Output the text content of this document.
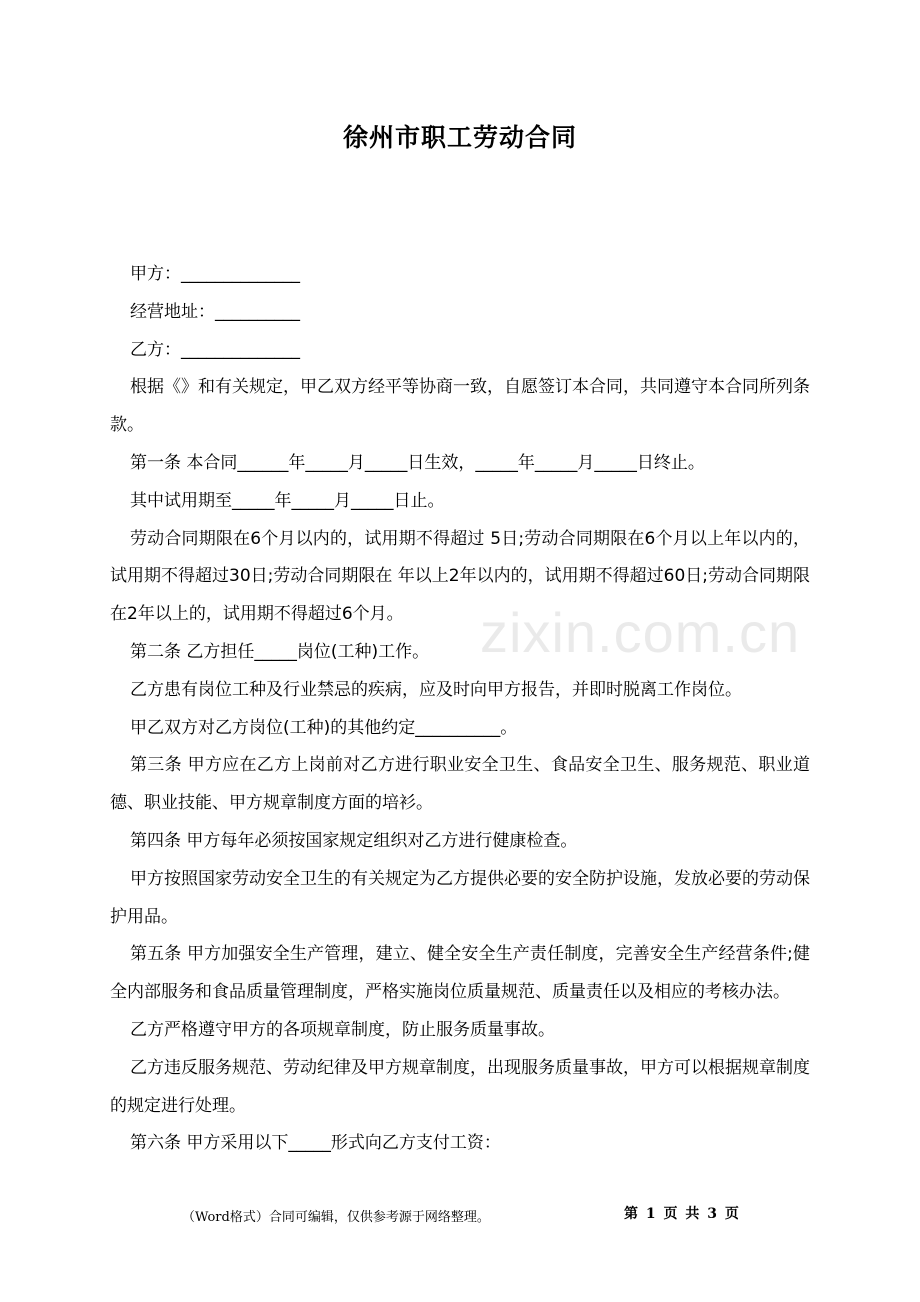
徐州市职工劳动合同
zixin.com.cn

甲方：______________

经营地址：__________

乙方：______________

根据《》和有关规定，甲乙双方经平等协商一致，自愿签订本合同，共同遵守本合同所列条款。

第一条 本合同______年_____月_____日生效，_____年_____月_____日终止。

其中试用期至_____年_____月_____日止。

劳动合同期限在6个月以内的，试用期不得超过 5日;劳动合同期限在6个月以上年以内的，试用期不得超过30日;劳动合同期限在 年以上2年以内的，试用期不得超过60日;劳动合同期限在2年以上的，试用期不得超过6个月。

第二条 乙方担任_____岗位(工种)工作。

乙方患有岗位工种及行业禁忌的疾病，应及时向甲方报告，并即时脱离工作岗位。

甲乙双方对乙方岗位(工种)的其他约定__________。

第三条 甲方应在乙方上岗前对乙方进行职业安全卫生、食品安全卫生、服务规范、职业道德、职业技能、甲方规章制度方面的培衫。

第四条 甲方每年必须按国家规定组织对乙方进行健康检查。

甲方按照国家劳动安全卫生的有关规定为乙方提供必要的安全防护设施，发放必要的劳动保护用品。

第五条 甲方加强安全生产管理，建立、健全安全生产责任制度，完善安全生产经营条件;健全内部服务和食品质量管理制度，严格实施岗位质量规范、质量责任以及相应的考核办法。

乙方严格遵守甲方的各项规章制度，防止服务质量事故。

乙方违反服务规范、劳动纪律及甲方规章制度，出现服务质量事故，甲方可以根据规章制度的规定进行处理。

第六条 甲方采用以下_____形式向乙方支付工资：

（Word格式）合同可编辑，仅供参考源于网络整理。	第 1 页 共 3 页
